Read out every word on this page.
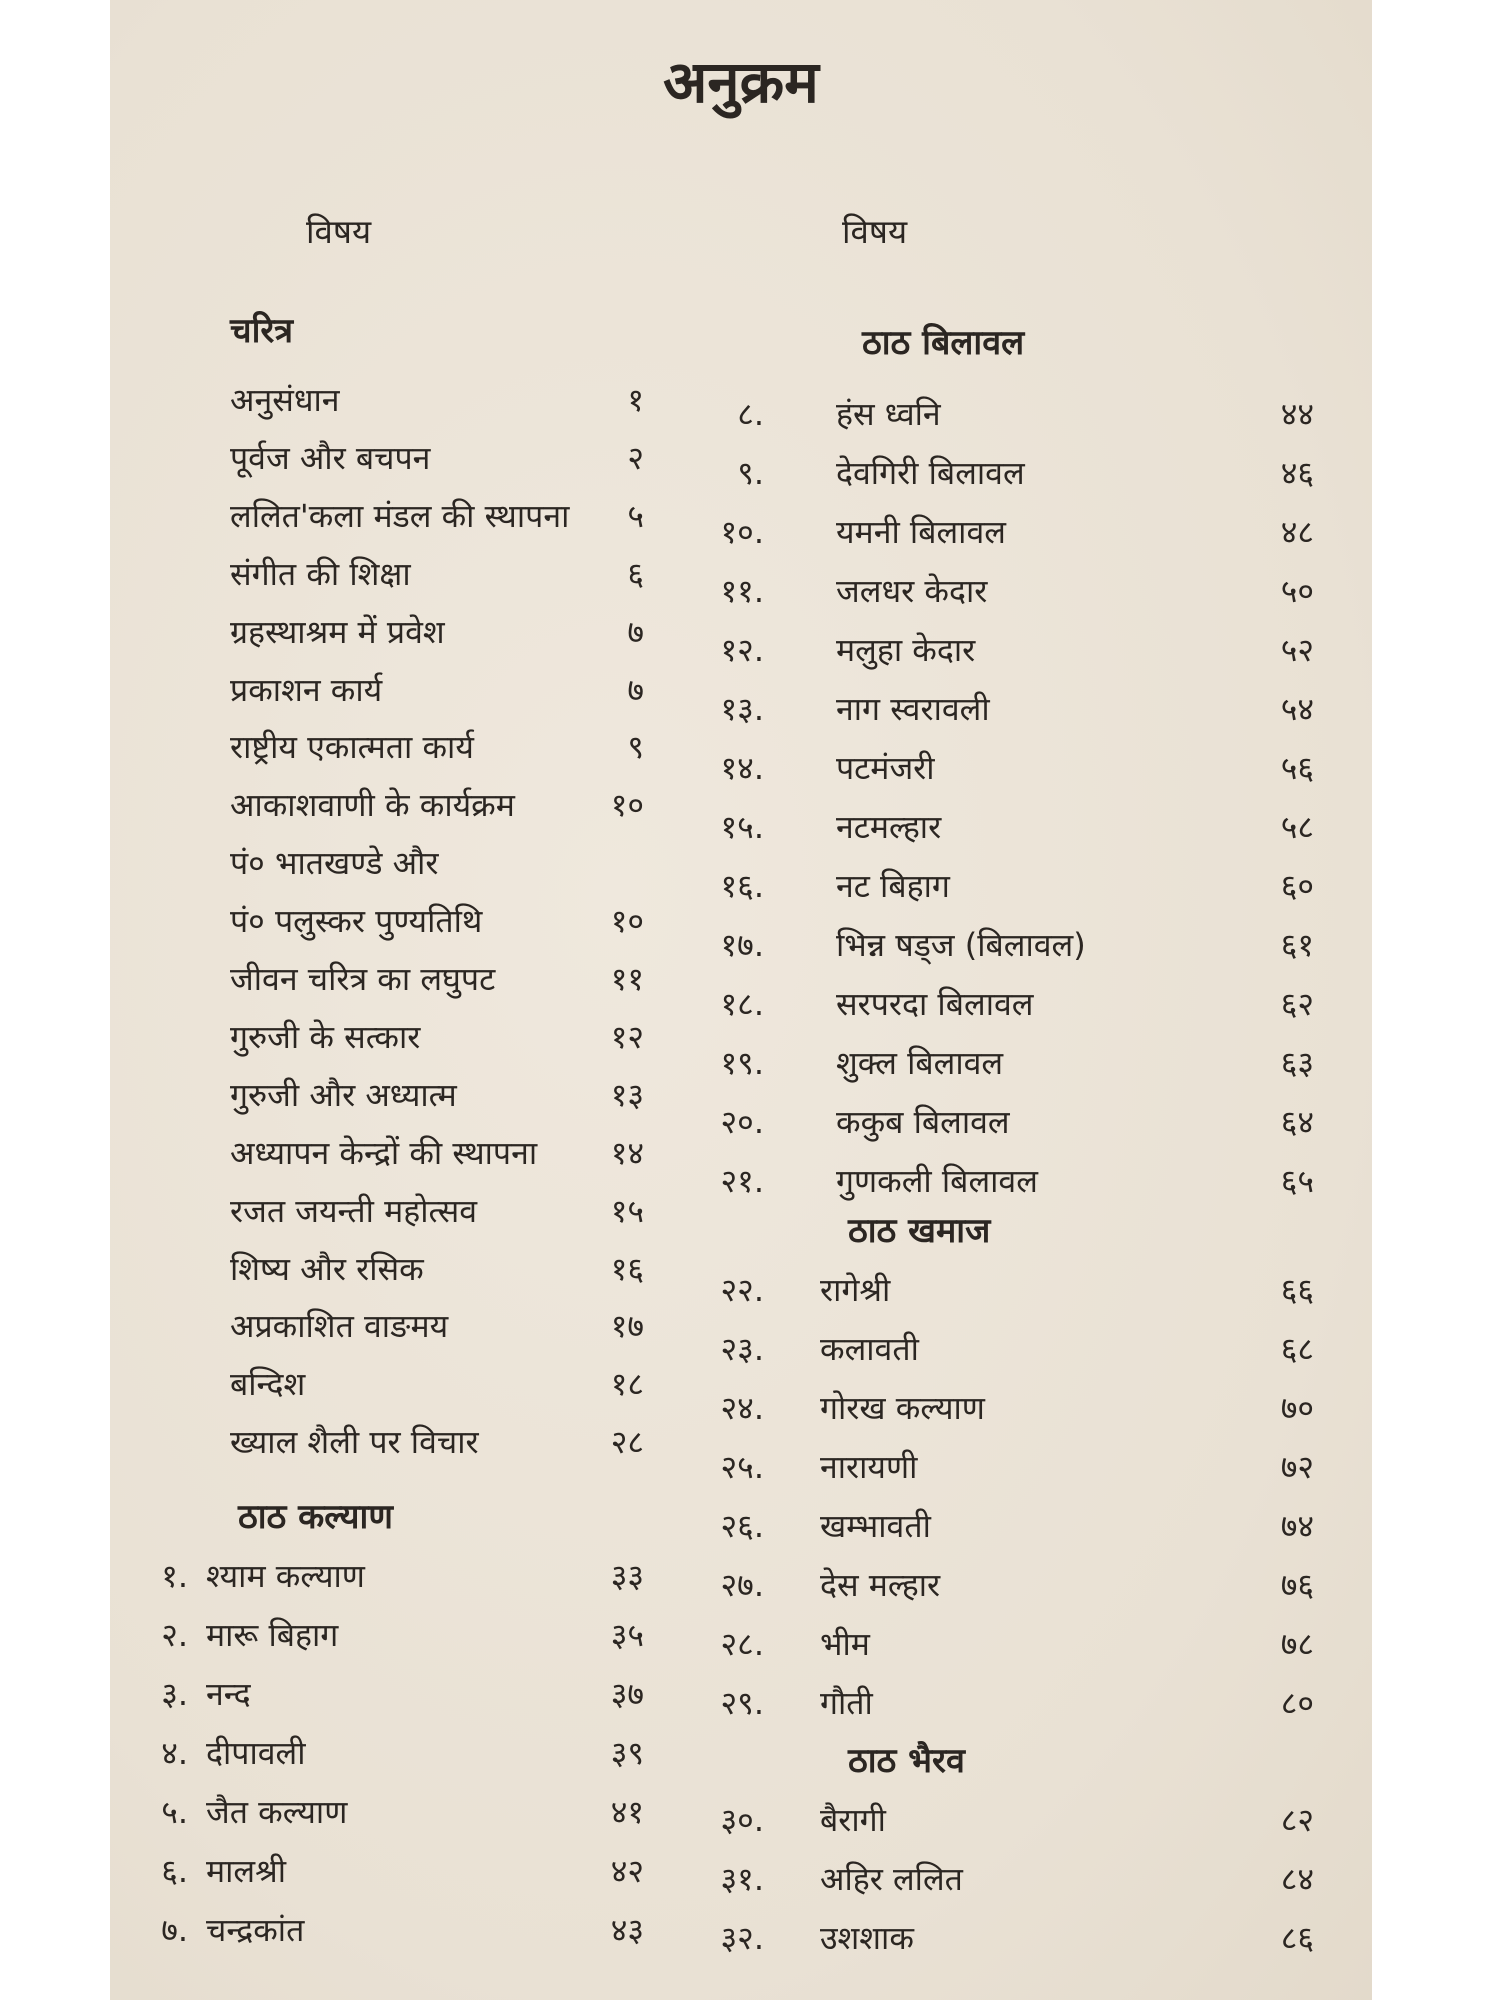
अनुक्रम
विषय	विषय
चरित्र	ठाठ बिलावल
ठाठ कल्याण
ठाठ खमाज
ठाठ भैरव
अनुसंधान	१
पूर्वज और बचपन	२
ललित'कला मंडल की स्थापना	५
संगीत की शिक्षा	६
ग्रहस्थाश्रम में प्रवेश	७
प्रकाशन कार्य	७
राष्ट्रीय एकात्मता कार्य	९
आकाशवाणी के कार्यक्रम	१०
पं० भातखण्डे और
पं० पलुस्कर पुण्यतिथि	१०
जीवन चरित्र का लघुपट	११
गुरुजी के सत्कार	१२
गुरुजी और अध्यात्म	१३
अध्यापन केन्द्रों की स्थापना	१४
रजत जयन्ती महोत्सव	१५
शिष्य और रसिक	१६
अप्रकाशित वाङमय	१७
बन्दिश	१८
ख्याल शैली पर विचार	२८
१. श्याम कल्याण	३३
२. मारू बिहाग	३५
३. नन्द	३७
४. दीपावली	३९
५. जैत कल्याण	४१
६. मालश्री	४२
७. चन्द्रकांत	४३
८. हंस ध्वनि	४४
९. देवगिरी बिलावल	४६
१०. यमनी बिलावल	४८
११. जलधर केदार	५०
१२. मलुहा केदार	५२
१३. नाग स्वरावली	५४
१४. पटमंजरी	५६
१५. नटमल्हार	५८
१६. नट बिहाग	६०
१७. भिन्न षड्ज (बिलावल)	६१
१८. सरपरदा बिलावल	६२
१९. शुक्ल बिलावल	६३
२०. ककुब बिलावल	६४
२१. गुणकली बिलावल	६५
२२. रागेश्री	६६
२३. कलावती	६८
२४. गोरख कल्याण	७०
२५. नारायणी	७२
२६. खम्भावती	७४
२७. देस मल्हार	७६
२८. भीम	७८
२९. गौती	८०
३०. बैरागी	८२
३१. अहिर ललित	८४
३२. उशशाक	८६
